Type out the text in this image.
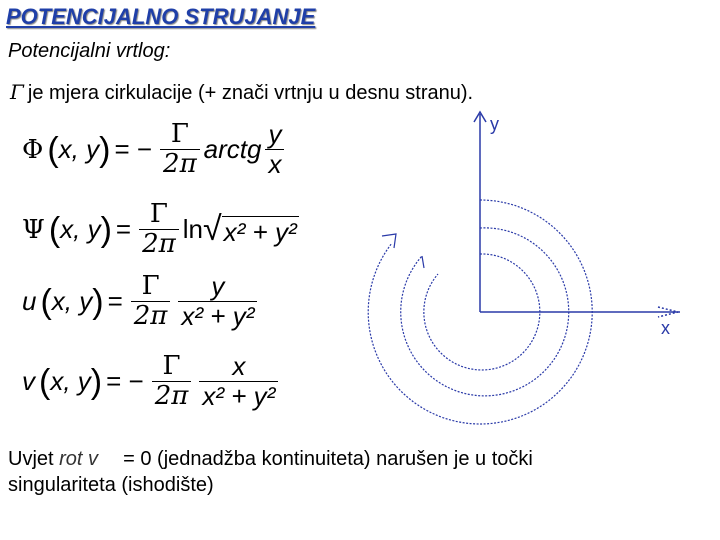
POTENCIJALNO STRUJANJE
Potencijalni vrtlog:
Γ je mjera cirkulacije (+ znači vrtnju u desnu stranu).
Φ ( x, y ) = − $\frac{\Gamma}{2\pi}$ arctg $\frac{y}{x}$
Ψ ( x, y ) = $\frac{\Gamma}{2\pi}$ ln √ x² + y²
u ( x, y ) = $\frac{\Gamma}{2\pi} \frac{y}{\text{x² + y²}}$
v ( x, y ) = − $\frac{\Gamma}{2\pi} \frac{x}{\text{x² + y²}}$
y
x
Uvjet rot v = 0 (jednadžba kontinuiteta) narušen je u točki
singulariteta (ishodište)
